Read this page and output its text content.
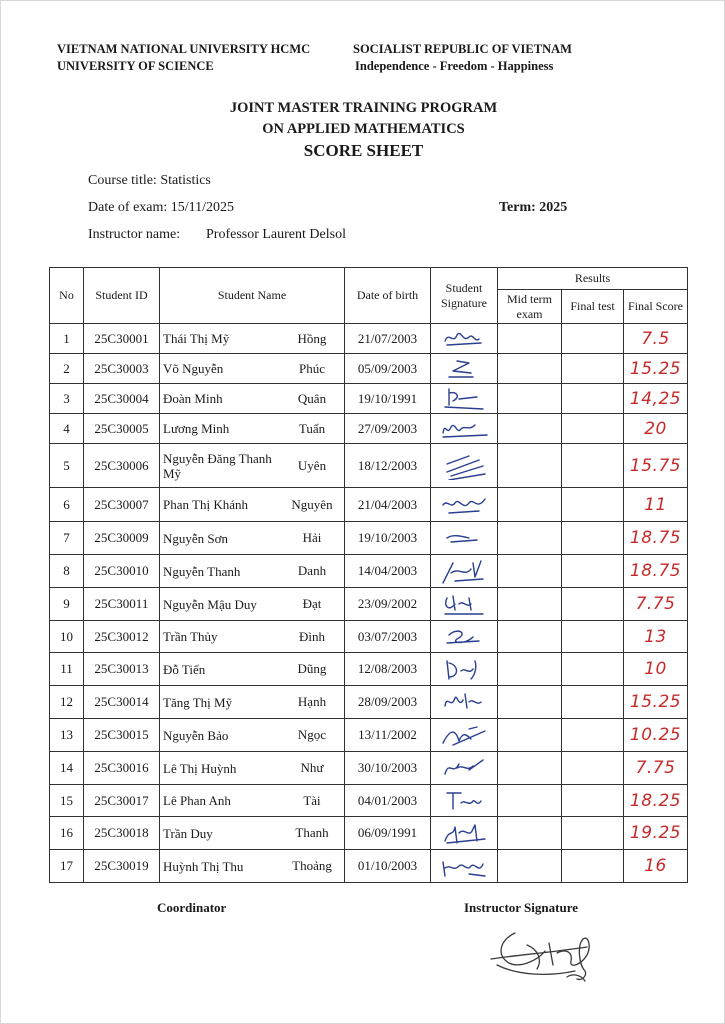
VIETNAM NATIONAL UNIVERSITY HCMC
UNIVERSITY OF SCIENCE
SOCIALIST REPUBLIC OF VIETNAM
Independence - Freedom - Happiness
JOINT MASTER TRAINING PROGRAM
ON APPLIED MATHEMATICS
SCORE SHEET
Course title: Statistics
Date of exam: 15/11/2025	Term: 2025
Instructor name: Professor Laurent Delsol
No	Student ID	Student Name	Date of birth	Student Signature	Results		
					Mid term exam	Final test	Final Score
1	25C30001	Thái Thị Mỹ Hồng	21/07/2003				7.5
2	25C30003	Võ Nguyễn Phúc	05/09/2003				15.25
3	25C30004	Đoàn Minh Quân	19/10/1991				14,25
4	25C30005	Lương Minh Tuấn	27/09/2003				20
5	25C30006	Nguyễn Đăng Thanh Mỹ
Uyên	18/12/2003				15.75
6	25C30007	Phan Thị Khánh Nguyên	21/04/2003				11
7	25C30009	Nguyễn Sơn Hải	19/10/2003				18.75
8	25C30010	Nguyễn Thanh Danh	14/04/2003				18.75
9	25C30011	Nguyễn Mậu Duy Đạt	23/09/2002				7.75
10	25C30012	Trần Thủy Đình	03/07/2003				13
11	25C30013	Đỗ Tiến Dũng	12/08/2003				10
12	25C30014	Tăng Thị Mỹ Hạnh	28/09/2003				15.25
13	25C30015	Nguyễn Bảo Ngọc	13/11/2002				10.25
14	25C30016	Lê Thị Huỳnh Như	30/10/2003				7.75
15	25C30017	Lê Phan Anh Tài	04/01/2003				18.25
16	25C30018	Trần Duy Thanh	06/09/1991				19.25
17	25C30019	Huỳnh Thị Thu Thoảng	01/10/2003				16
Coordinator	Instructor Signature
